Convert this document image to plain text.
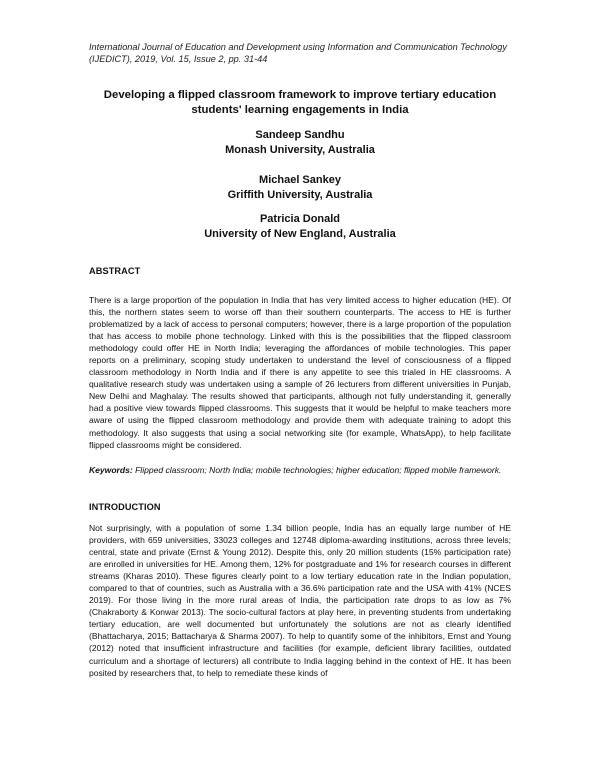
International Journal of Education and Development using Information and Communication Technology
(IJEDICT), 2019, Vol. 15, Issue 2, pp. 31-44
Developing a flipped classroom framework to improve tertiary education
students' learning engagements in India
Sandeep Sandhu
Monash University, Australia
Michael Sankey
Griffith University, Australia
Patricia Donald
University of New England, Australia
ABSTRACT

There is a large proportion of the population in India that has very limited access to higher education (HE). Of this, the northern states seem to worse off than their southern counterparts. The access to HE is further problematized by a lack of access to personal computers; however, there is a large proportion of the population that has access to mobile phone technology. Linked with this is the possibilities that the flipped classroom methodology could offer HE in North India; leveraging the affordances of mobile technologies. This paper reports on a preliminary, scoping study undertaken to understand the level of consciousness of a flipped classroom methodology in North India and if there is any appetite to see this trialed in HE classrooms. A qualitative research study was undertaken using a sample of 26 lecturers from different universities in Punjab, New Delhi and Maghalay. The results showed that participants, although not fully understanding it, generally had a positive view towards flipped classrooms. This suggests that it would be helpful to make teachers more aware of using the flipped classroom methodology and provide them with adequate training to adopt this methodology. It also suggests that using a social networking site (for example, WhatsApp), to help facilitate flipped classrooms might be considered.

Keywords: Flipped classroom; North India; mobile technologies; higher education; flipped mobile framework.
INTRODUCTION

Not surprisingly, with a population of some 1.34 billion people, India has an equally large number of HE providers, with 659 universities, 33023 colleges and 12748 diploma-awarding institutions, across three levels; central, state and private (Ernst & Young 2012). Despite this, only 20 million students (15% participation rate) are enrolled in universities for HE. Among them, 12% for postgraduate and 1% for research courses in different streams (Kharas 2010). These figures clearly point to a low tertiary education rate in the Indian population, compared to that of countries, such as Australia with a 36.6% participation rate and the USA with 41% (NCES 2019). For those living in the more rural areas of India, the participation rate drops to as low as 7% (Chakraborty & Konwar 2013). The socio-cultural factors at play here, in preventing students from undertaking tertiary education, are well documented but unfortunately the solutions are not as clearly identified (Bhattacharya, 2015; Battacharya & Sharma 2007). To help to quantify some of the inhibitors, Ernst and Young (2012) noted that insufficient infrastructure and facilities (for example, deficient library facilities, outdated curriculum and a shortage of lecturers) all contribute to India lagging behind in the context of HE. It has been posited by researchers that, to help to remediate these kinds of
